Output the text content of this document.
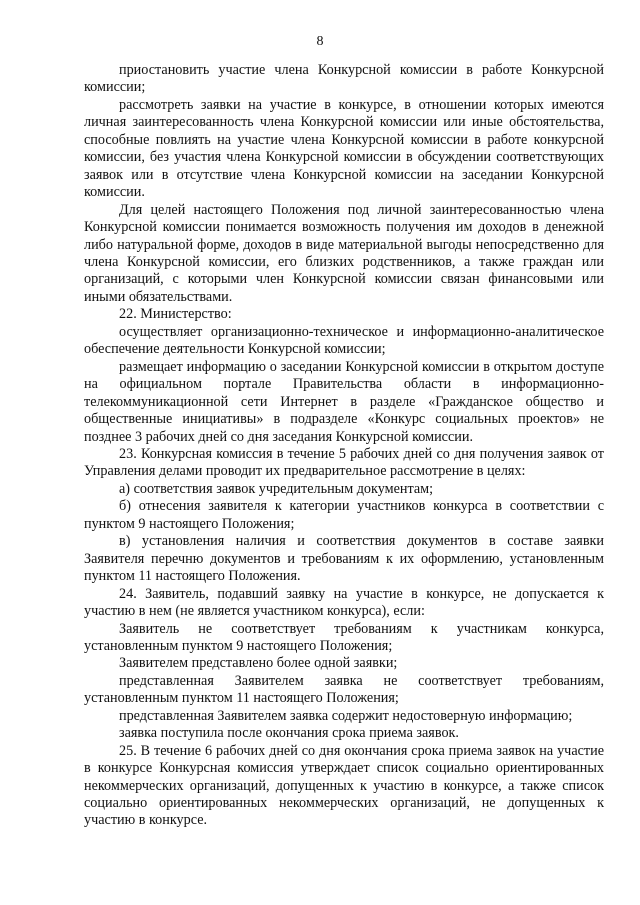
8

приостановить участие члена Конкурсной комиссии в работе Конкурсной комиссии;

рассмотреть заявки на участие в конкурсе, в отношении которых имеются личная заинтересованность члена Конкурсной комиссии или иные обстоятельства, способные повлиять на участие члена Конкурсной комиссии в работе конкурсной комиссии, без участия члена Конкурсной комиссии в обсуждении соответствующих заявок или в отсутствие члена Конкурсной комиссии на заседании Конкурсной комиссии.

Для целей настоящего Положения под личной заинтересованностью члена Конкурсной комиссии понимается возможность получения им доходов в денежной либо натуральной форме, доходов в виде материальной выгоды непосредственно для члена Конкурсной комиссии, его близких родственников, а также граждан или организаций, с которыми член Конкурсной комиссии связан финансовыми или иными обязательствами.

22. Министерство:

осуществляет организационно-техническое и информационно-аналитическое обеспечение деятельности Конкурсной комиссии;

размещает информацию о заседании Конкурсной комиссии в открытом доступе на официальном портале Правительства области в информационно-телекоммуникационной сети Интернет в разделе «Гражданское общество и общественные инициативы» в подразделе «Конкурс социальных проектов» не позднее 3 рабочих дней со дня заседания Конкурсной комиссии.

23. Конкурсная комиссия в течение 5 рабочих дней со дня получения заявок от Управления делами проводит их предварительное рассмотрение в целях:

а) соответствия заявок учредительным документам;

б) отнесения заявителя к категории участников конкурса в соответствии с пунктом 9 настоящего Положения;

в) установления наличия и соответствия документов в составе заявки Заявителя перечню документов и требованиям к их оформлению, установленным пунктом 11 настоящего Положения.

24. Заявитель, подавший заявку на участие в конкурсе, не допускается к участию в нем (не является участником конкурса), если:

Заявитель не соответствует требованиям к участникам конкурса, установленным пунктом 9 настоящего Положения;

Заявителем представлено более одной заявки;

представленная Заявителем заявка не соответствует требованиям, установленным пунктом 11 настоящего Положения;

представленная Заявителем заявка содержит недостоверную информацию;

заявка поступила после окончания срока приема заявок.

25. В течение 6 рабочих дней со дня окончания срока приема заявок на участие в конкурсе Конкурсная комиссия утверждает список социально ориентированных некоммерческих организаций, допущенных к участию в конкурсе, а также список социально ориентированных некоммерческих организаций, не допущенных к участию в конкурсе.
